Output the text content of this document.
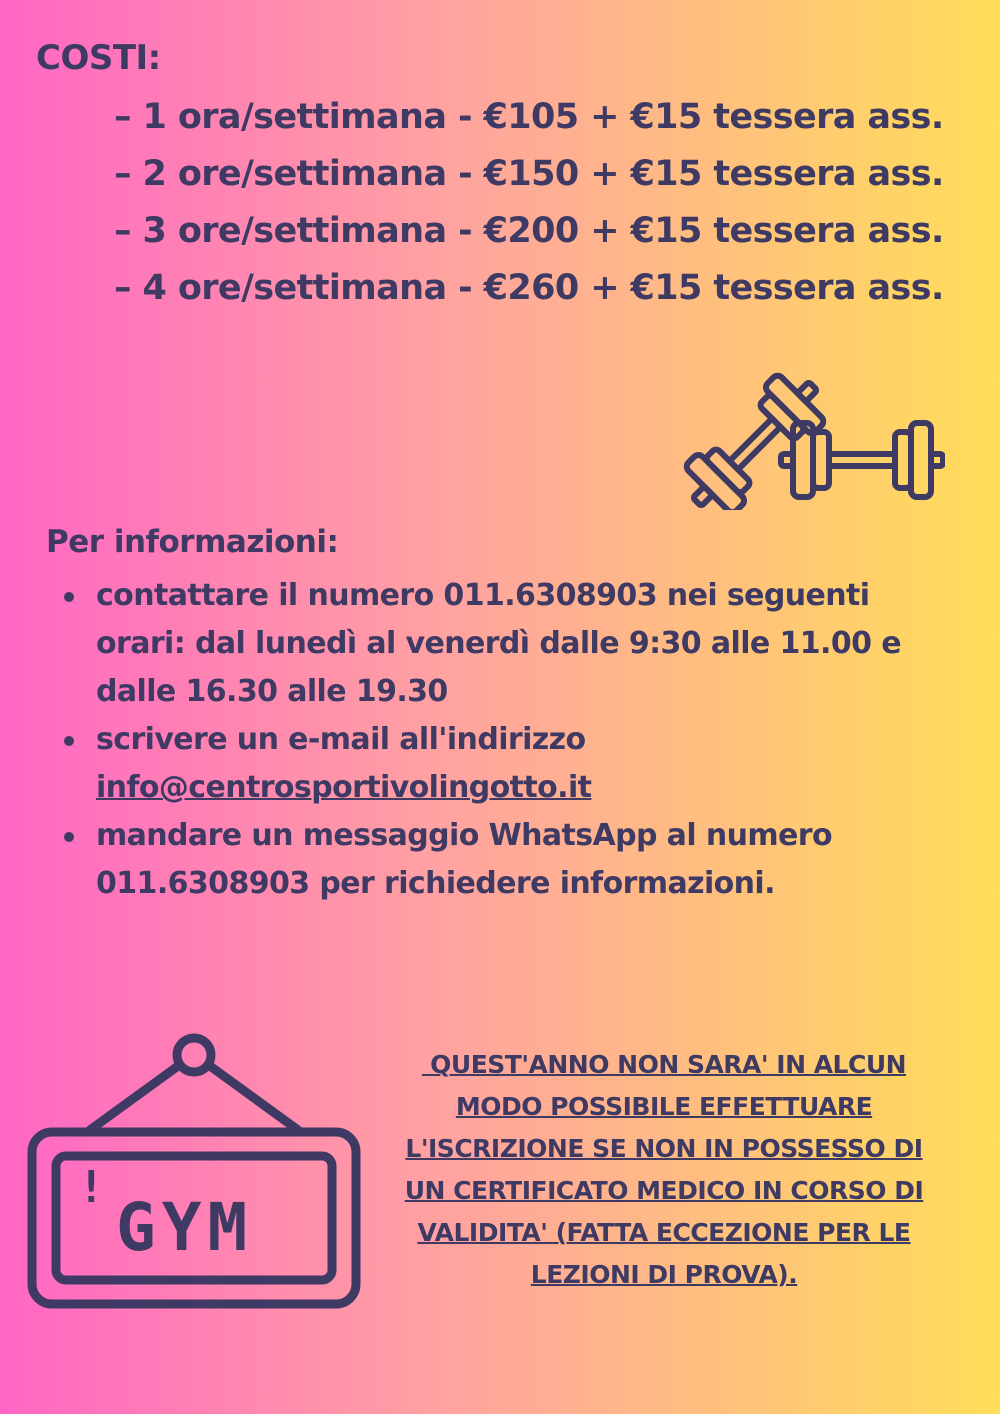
COSTI:
– 1 ora/settimana - €105 + €15 tessera ass.
– 2 ore/settimana - €150 + €15 tessera ass.
– 3 ore/settimana - €200 + €15 tessera ass.
– 4 ore/settimana - €260 + €15 tessera ass.
Per informazioni:
contattare il numero 011.6308903 nei seguenti
orari: dal lunedì al venerdì dalle 9:30 alle 11.00 e
dalle 16.30 alle 19.30
scrivere un e-mail all'indirizzo
info@centrosportivolingotto.it
mandare un messaggio WhatsApp al numero
011.6308903 per richiedere informazioni.
!
GYM

QUEST'ANNO NON SARA' IN ALCUN
MODO POSSIBILE EFFETTUARE
L'ISCRIZIONE SE NON IN POSSESSO DI
UN CERTIFICATO MEDICO IN CORSO DI
VALIDITA' (FATTA ECCEZIONE PER LE
LEZIONI DI PROVA).
